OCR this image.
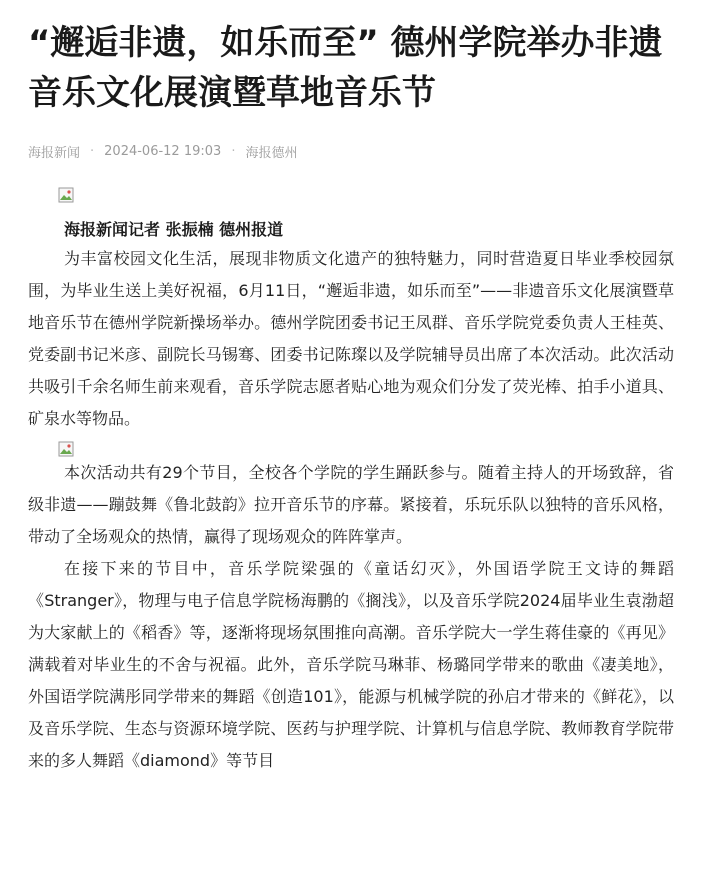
“邂逅非遗，如乐而至” 德州学院举办非遗音乐文化展演暨草地音乐节
海报新闻 · 2024-06-12 19:03 · 海报德州
海报新闻记者 张振楠 德州报道

为丰富校园文化生活，展现非物质文化遗产的独特魅力，同时营造夏日毕业季校园氛围，为毕业生送上美好祝福，6月11日，“邂逅非遗，如乐而至”——非遗音乐文化展演暨草地音乐节在德州学院新操场举办。德州学院团委书记王凤群、音乐学院党委负责人王桂英、党委副书记米彦、副院长马锡骞、团委书记陈璨以及学院辅导员出席了本次活动。此次活动共吸引千余名师生前来观看，音乐学院志愿者贴心地为观众们分发了荧光棒、拍手小道具、矿泉水等物品。

本次活动共有29个节目，全校各个学院的学生踊跃参与。随着主持人的开场致辞，省级非遗——蹦鼓舞《鲁北鼓韵》拉开音乐节的序幕。紧接着，乐玩乐队以独特的音乐风格，带动了全场观众的热情，赢得了现场观众的阵阵掌声。

在接下来的节目中，音乐学院梁强的《童话幻灭》，外国语学院王文诗的舞蹈《Stranger》，物理与电子信息学院杨海鹏的《搁浅》，以及音乐学院2024届毕业生袁渤超为大家献上的《稻香》等，逐渐将现场氛围推向高潮。音乐学院大一学生蒋佳豪的《再见》满载着对毕业生的不舍与祝福。此外，音乐学院马琳菲、杨璐同学带来的歌曲《凄美地》，外国语学院满彤同学带来的舞蹈《创造101》，能源与机械学院的孙启才带来的《鲜花》，以及音乐学院、生态与资源环境学院、医药与护理学院、计算机与信息学院、教师教育学院带来的多人舞蹈《diamond》等节目
